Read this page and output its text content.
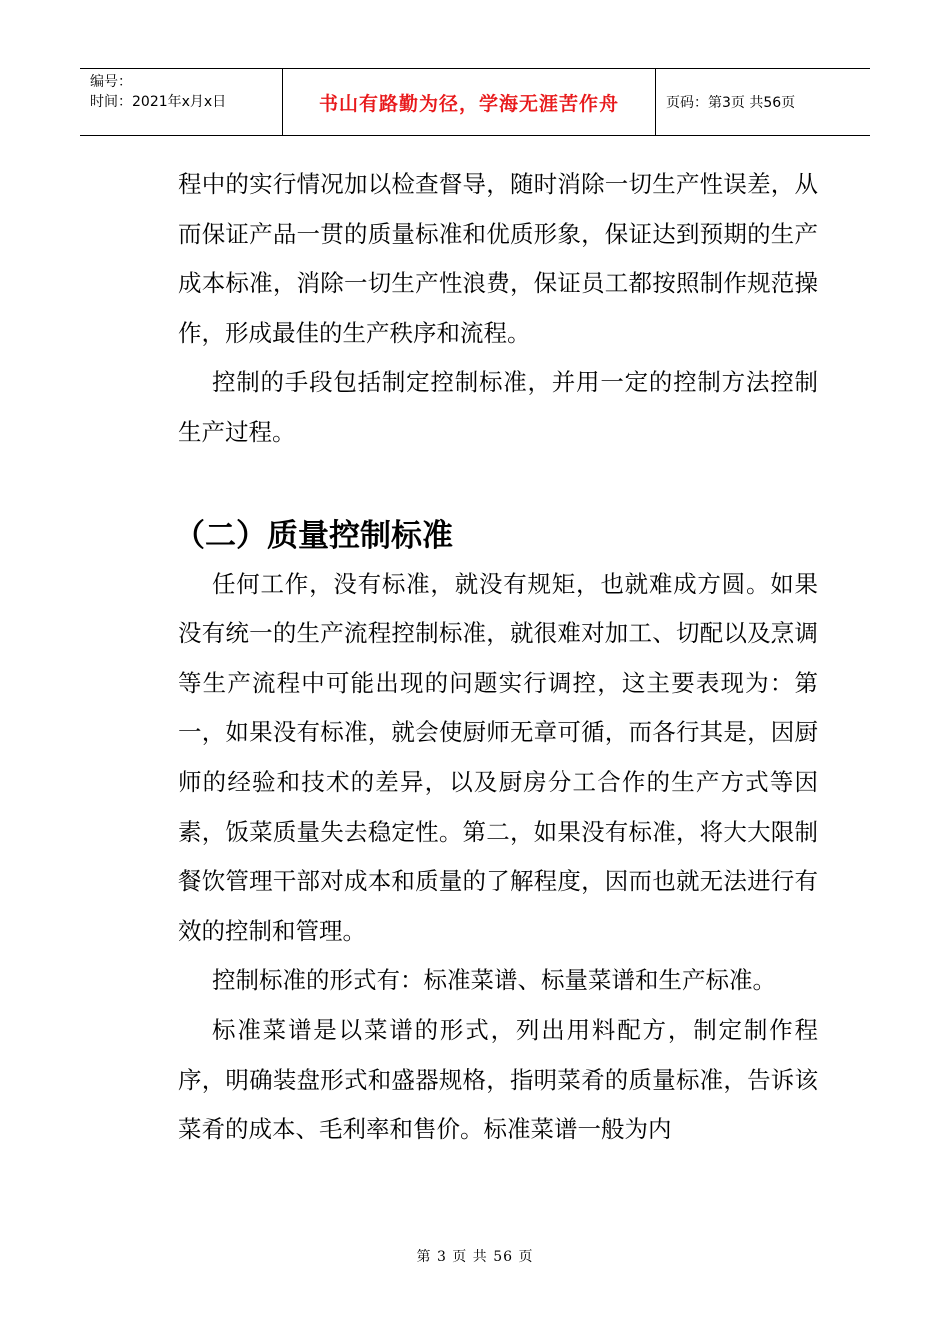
编号：
时间：2021年x月x日	书山有路勤为径，学海无涯苦作舟	页码：第3页 共56页

程中的实行情况加以检查督导，随时消除一切生产性误差，从而保证产品一贯的质量标准和优质形象，保证达到预期的生产成本标准，消除一切生产性浪费，保证员工都按照制作规范操作，形成最佳的生产秩序和流程。

控制的手段包括制定控制标准，并用一定的控制方法控制生产过程。

（二）质量控制标准

任何工作，没有标准，就没有规矩，也就难成方圆。如果没有统一的生产流程控制标准，就很难对加工、切配以及烹调等生产流程中可能出现的问题实行调控，这主要表现为：第一，如果没有标准，就会使厨师无章可循，而各行其是，因厨师的经验和技术的差异，以及厨房分工合作的生产方式等因素，饭菜质量失去稳定性。第二，如果没有标准，将大大限制餐饮管理干部对成本和质量的了解程度，因而也就无法进行有效的控制和管理。

控制标准的形式有：标准菜谱、标量菜谱和生产标准。

标准菜谱是以菜谱的形式，列出用料配方，制定制作程序，明确装盘形式和盛器规格，指明菜肴的质量标准，告诉该菜肴的成本、毛利率和售价。标准菜谱一般为内

第 3 页 共 56 页
